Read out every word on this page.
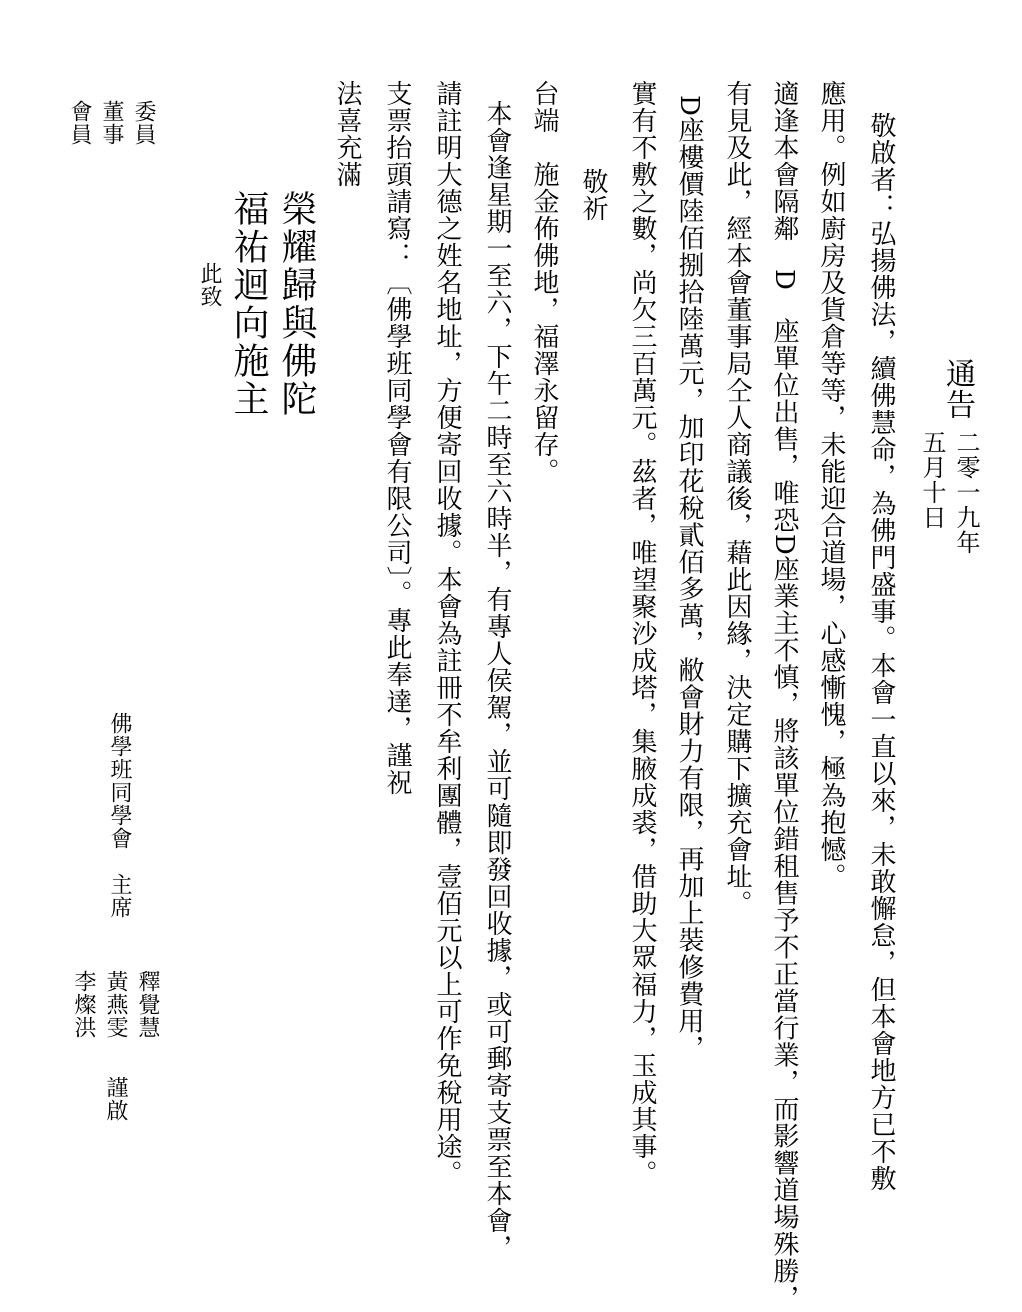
通告
二零一九年
五月十日
敬啟者：弘揚佛法，續佛慧命，為佛門盛事。本會一直以來，未敢懈怠，但本會地方已不敷
應用。例如廚房及貨倉等等，未能迎合道場，心感慚愧，極為抱憾。
適逢本會隔鄰　D　座單位出售，唯恐D座業主不慎，將該單位錯租售予不正當行業，而影響道場殊勝，
有見及此，經本會董事局仝人商議後，藉此因緣，決定購下擴充會址。
D座樓價陸佰捌拾陸萬元，加印花稅貳佰多萬，敝會財力有限，再加上裝修費用，
實有不敷之數，尚欠三百萬元。茲者，唯望聚沙成塔，集腋成裘，借助大眾福力，玉成其事。
敬祈
台端　施金佈佛地，福澤永留存。
本會逢星期一至六，下午二時至六時半，有專人侯駕，並可隨即發回收據，或可郵寄支票至本會，
請註明大德之姓名地址，方便寄回收據。本會為註冊不牟利團體，壹佰元以上可作免稅用途。
支票抬頭請寫：〔佛學班同學會有限公司〕。專此奉達，謹祝
法喜充滿
榮耀歸與佛陀
福祐迴向施主
此致
委員
董事
會員
佛學班同學會　主席
釋覺慧
黃燕雯
李燦洪
謹啟
